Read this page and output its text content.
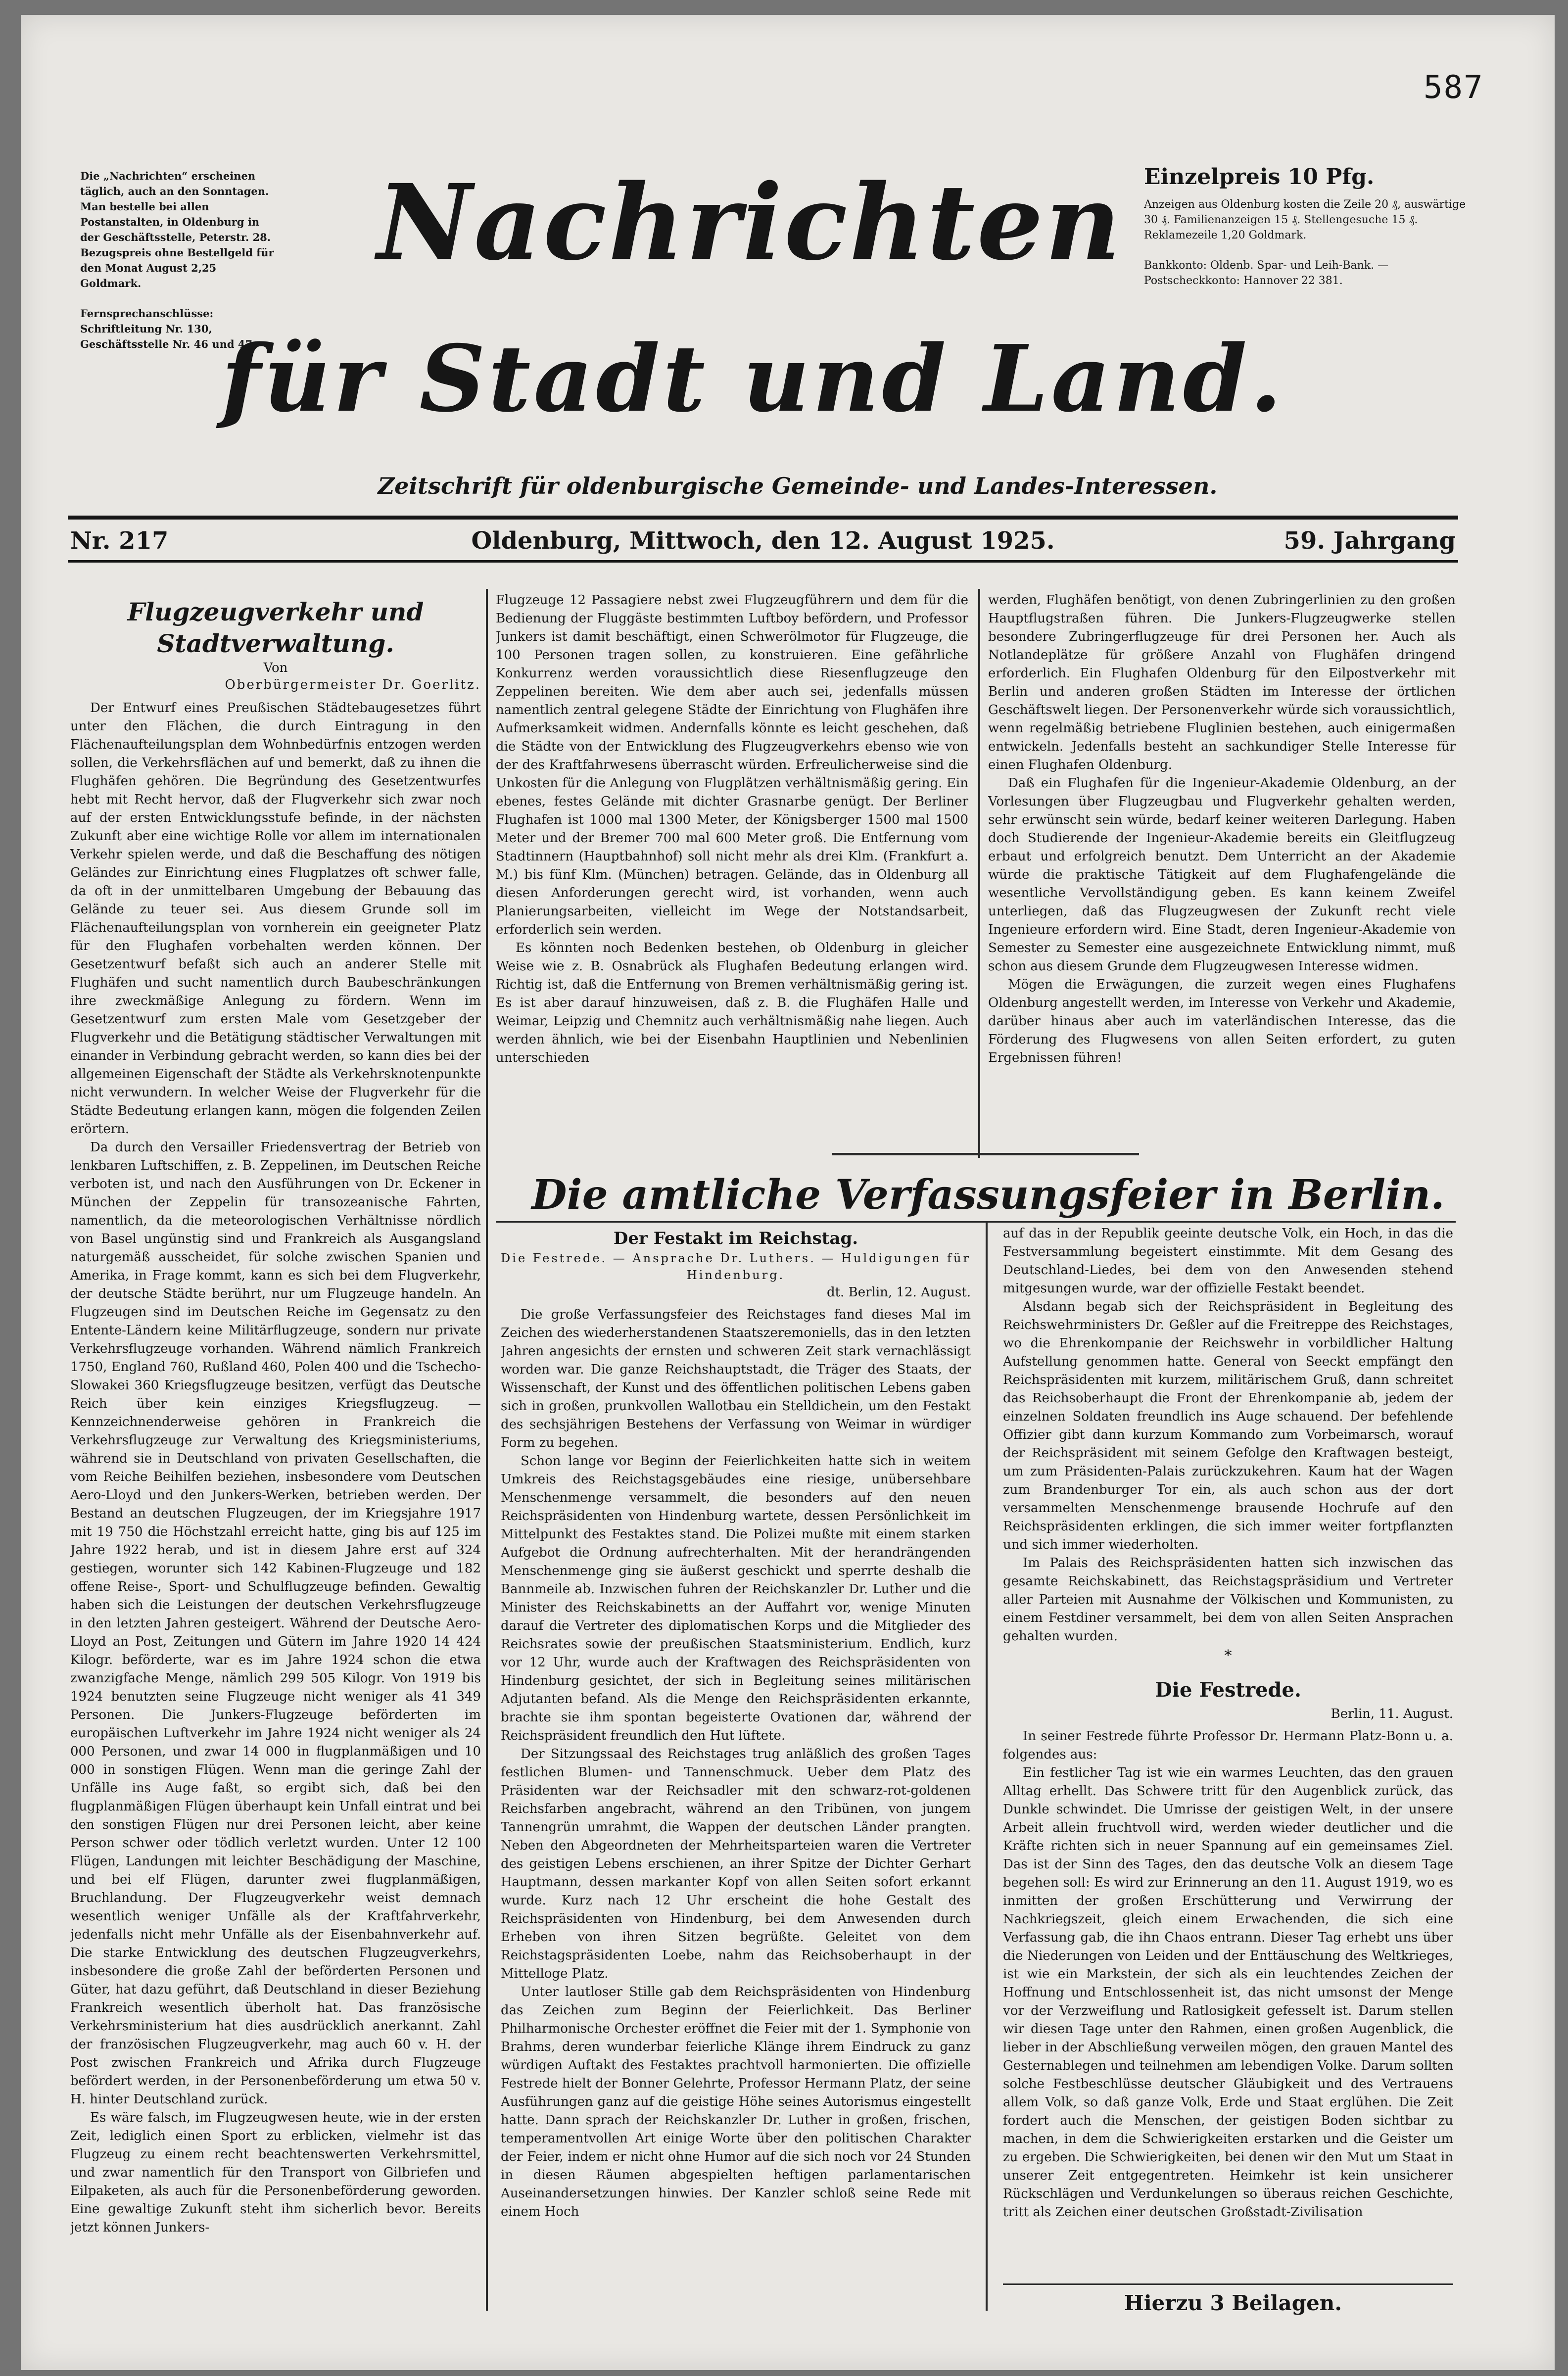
587
Die „Nachrichten“ erscheinen täglich, auch an den Sonntagen. Man bestelle bei allen Postanstalten, in Oldenburg in der Geschäftsstelle, Peterstr. 28. Bezugspreis ohne Bestellgeld für den Monat August 2,25 Goldmark.
Fernsprechanschlüsse: Schriftleitung Nr. 130, Geschäftsstelle Nr. 46 und 47.
Nachrichten
für Stadt und Land.
Zeitschrift für oldenburgische Gemeinde- und Landes-Interessen.
Einzelpreis 10 Pfg.
Anzeigen aus Oldenburg kosten die Zeile 20 ₰, auswärtige 30 ₰. Familienanzeigen 15 ₰. Stellengesuche 15 ₰. Reklamezeile 1,20 Goldmark.
Bankkonto: Oldenb. Spar- und Leih-Bank. — Postscheckkonto: Hannover 22 381.
Nr. 217	Oldenburg, Mittwoch, den 12. August 1925.	59. Jahrgang
Flugzeugverkehr und Stadtverwaltung.
Von
Oberbürgermeister Dr. Goerlitz.

Der Entwurf eines Preußischen Städtebaugesetzes führt unter den Flächen, die durch Eintragung in den Flächenaufteilungsplan dem Wohnbedürfnis entzogen werden sollen, die Verkehrsflächen auf und bemerkt, daß zu ihnen die Flughäfen gehören. Die Begründung des Gesetzentwurfes hebt mit Recht hervor, daß der Flugverkehr sich zwar noch auf der ersten Entwicklungsstufe befinde, in der nächsten Zukunft aber eine wichtige Rolle vor allem im internationalen Verkehr spielen werde, und daß die Beschaffung des nötigen Geländes zur Einrichtung eines Flugplatzes oft schwer falle, da oft in der unmittelbaren Umgebung der Bebauung das Gelände zu teuer sei. Aus diesem Grunde soll im Flächenaufteilungsplan von vornherein ein geeigneter Platz für den Flughafen vorbehalten werden können. Der Gesetzentwurf befaßt sich auch an anderer Stelle mit Flughäfen und sucht namentlich durch Baubeschränkungen ihre zweckmäßige Anlegung zu fördern. Wenn im Gesetzentwurf zum ersten Male vom Gesetzgeber der Flugverkehr und die Betätigung städtischer Verwaltungen mit einander in Verbindung gebracht werden, so kann dies bei der allgemeinen Eigenschaft der Städte als Verkehrsknotenpunkte nicht verwundern. In welcher Weise der Flugverkehr für die Städte Bedeutung erlangen kann, mögen die folgenden Zeilen erörtern.

Da durch den Versailler Friedensvertrag der Betrieb von lenkbaren Luftschiffen, z. B. Zeppelinen, im Deutschen Reiche verboten ist, und nach den Ausführungen von Dr. Eckener in München der Zeppelin für transozeanische Fahrten, namentlich, da die meteorologischen Verhältnisse nördlich von Basel ungünstig sind und Frankreich als Ausgangsland naturgemäß ausscheidet, für solche zwischen Spanien und Amerika, in Frage kommt, kann es sich bei dem Flugverkehr, der deutsche Städte berührt, nur um Flugzeuge handeln. An Flugzeugen sind im Deutschen Reiche im Gegensatz zu den Entente-Ländern keine Militärflugzeuge, sondern nur private Verkehrsflugzeuge vorhanden. Während nämlich Frankreich 1750, England 760, Rußland 460, Polen 400 und die Tschecho-Slowakei 360 Kriegsflugzeuge besitzen, verfügt das Deutsche Reich über kein einziges Kriegsflugzeug. — Kennzeichnenderweise gehören in Frankreich die Verkehrsflugzeuge zur Verwaltung des Kriegsministeriums, während sie in Deutschland von privaten Gesellschaften, die vom Reiche Beihilfen beziehen, insbesondere vom Deutschen Aero-Lloyd und den Junkers-Werken, betrieben werden. Der Bestand an deutschen Flugzeugen, der im Kriegsjahre 1917 mit 19 750 die Höchstzahl erreicht hatte, ging bis auf 125 im Jahre 1922 herab, und ist in diesem Jahre erst auf 324 gestiegen, worunter sich 142 Kabinen-Flugzeuge und 182 offene Reise-, Sport- und Schulflugzeuge befinden. Gewaltig haben sich die Leistungen der deutschen Verkehrsflugzeuge in den letzten Jahren gesteigert. Während der Deutsche Aero-Lloyd an Post, Zeitungen und Gütern im Jahre 1920 14 424 Kilogr. beförderte, war es im Jahre 1924 schon die etwa zwanzigfache Menge, nämlich 299 505 Kilogr. Von 1919 bis 1924 benutzten seine Flugzeuge nicht weniger als 41 349 Personen. Die Junkers-Flugzeuge beförderten im europäischen Luftverkehr im Jahre 1924 nicht weniger als 24 000 Personen, und zwar 14 000 in flugplanmäßigen und 10 000 in sonstigen Flügen. Wenn man die geringe Zahl der Unfälle ins Auge faßt, so ergibt sich, daß bei den flugplanmäßigen Flügen überhaupt kein Unfall eintrat und bei den sonstigen Flügen nur drei Personen leicht, aber keine Person schwer oder tödlich verletzt wurden. Unter 12 100 Flügen, Landungen mit leichter Beschädigung der Maschine, und bei elf Flügen, darunter zwei flugplanmäßigen, Bruchlandung. Der Flugzeugverkehr weist demnach wesentlich weniger Unfälle als der Kraftfahrverkehr, jedenfalls nicht mehr Unfälle als der Eisenbahnverkehr auf. Die starke Entwicklung des deutschen Flugzeugverkehrs, insbesondere die große Zahl der beförderten Personen und Güter, hat dazu geführt, daß Deutschland in dieser Beziehung Frankreich wesentlich überholt hat. Das französische Verkehrsministerium hat dies ausdrücklich anerkannt. Zahl der französischen Flugzeugverkehr, mag auch 60 v. H. der Post zwischen Frankreich und Afrika durch Flugzeuge befördert werden, in der Personenbeförderung um etwa 50 v. H. hinter Deutschland zurück.

Es wäre falsch, im Flugzeugwesen heute, wie in der ersten Zeit, lediglich einen Sport zu erblicken, vielmehr ist das Flugzeug zu einem recht beachtenswerten Verkehrsmittel, und zwar namentlich für den Transport von Gilbriefen und Eilpaketen, als auch für die Personenbeförderung geworden. Eine gewaltige Zukunft steht ihm sicherlich bevor. Bereits jetzt können Junkers-

Flugzeuge 12 Passagiere nebst zwei Flugzeugführern und dem für die Bedienung der Fluggäste bestimmten Luftboy befördern, und Professor Junkers ist damit beschäftigt, einen Schwerölmotor für Flugzeuge, die 100 Personen tragen sollen, zu konstruieren. Eine gefährliche Konkurrenz werden voraussichtlich diese Riesenflugzeuge den Zeppelinen bereiten. Wie dem aber auch sei, jedenfalls müssen namentlich zentral gelegene Städte der Einrichtung von Flughäfen ihre Aufmerksamkeit widmen. Andernfalls könnte es leicht geschehen, daß die Städte von der Entwicklung des Flugzeugverkehrs ebenso wie von der des Kraftfahrwesens überrascht würden. Erfreulicherweise sind die Unkosten für die Anlegung von Flugplätzen verhältnismäßig gering. Ein ebenes, festes Gelände mit dichter Grasnarbe genügt. Der Berliner Flughafen ist 1000 mal 1300 Meter, der Königsberger 1500 mal 1500 Meter und der Bremer 700 mal 600 Meter groß. Die Entfernung vom Stadtinnern (Hauptbahnhof) soll nicht mehr als drei Klm. (Frankfurt a. M.) bis fünf Klm. (München) betragen. Gelände, das in Oldenburg all diesen Anforderungen gerecht wird, ist vorhanden, wenn auch Planierungsarbeiten, vielleicht im Wege der Notstandsarbeit, erforderlich sein werden.

Es könnten noch Bedenken bestehen, ob Oldenburg in gleicher Weise wie z. B. Osnabrück als Flughafen Bedeutung erlangen wird. Richtig ist, daß die Entfernung von Bremen verhältnismäßig gering ist. Es ist aber darauf hinzuweisen, daß z. B. die Flughäfen Halle und Weimar, Leipzig und Chemnitz auch verhältnismäßig nahe liegen. Auch werden ähnlich, wie bei der Eisenbahn Hauptlinien und Nebenlinien unterschieden

werden, Flughäfen benötigt, von denen Zubringerlinien zu den großen Hauptflugstraßen führen. Die Junkers-Flugzeugwerke stellen besondere Zubringerflugzeuge für drei Personen her. Auch als Notlandeplätze für größere Anzahl von Flughäfen dringend erforderlich. Ein Flughafen Oldenburg für den Eilpostverkehr mit Berlin und anderen großen Städten im Interesse der örtlichen Geschäftswelt liegen. Der Personenverkehr würde sich voraussichtlich, wenn regelmäßig betriebene Fluglinien bestehen, auch einigermaßen entwickeln. Jedenfalls besteht an sachkundiger Stelle Interesse für einen Flughafen Oldenburg.

Daß ein Flughafen für die Ingenieur-Akademie Oldenburg, an der Vorlesungen über Flugzeugbau und Flugverkehr gehalten werden, sehr erwünscht sein würde, bedarf keiner weiteren Darlegung. Haben doch Studierende der Ingenieur-Akademie bereits ein Gleitflugzeug erbaut und erfolgreich benutzt. Dem Unterricht an der Akademie würde die praktische Tätigkeit auf dem Flughafengelände die wesentliche Vervollständigung geben. Es kann keinem Zweifel unterliegen, daß das Flugzeugwesen der Zukunft recht viele Ingenieure erfordern wird. Eine Stadt, deren Ingenieur-Akademie von Semester zu Semester eine ausgezeichnete Entwicklung nimmt, muß schon aus diesem Grunde dem Flugzeugwesen Interesse widmen.

Mögen die Erwägungen, die zurzeit wegen eines Flughafens Oldenburg angestellt werden, im Interesse von Verkehr und Akademie, darüber hinaus aber auch im vaterländischen Interesse, das die Förderung des Flugwesens von allen Seiten erfordert, zu guten Ergebnissen führen!

Die amtliche Verfassungsfeier in Berlin.
Der Festakt im Reichstag.
Die Festrede. — Ansprache Dr. Luthers. — Huldigungen für Hindenburg.
dt. Berlin, 12. August.

Die große Verfassungsfeier des Reichstages fand dieses Mal im Zeichen des wiederherstandenen Staatszeremoniells, das in den letzten Jahren angesichts der ernsten und schweren Zeit stark vernachlässigt worden war. Die ganze Reichshauptstadt, die Träger des Staats, der Wissenschaft, der Kunst und des öffentlichen politischen Lebens gaben sich in großen, prunkvollen Wallotbau ein Stelldichein, um den Festakt des sechsjährigen Bestehens der Verfassung von Weimar in würdiger Form zu begehen.

Schon lange vor Beginn der Feierlichkeiten hatte sich in weitem Umkreis des Reichstagsgebäudes eine riesige, unübersehbare Menschenmenge versammelt, die besonders auf den neuen Reichspräsidenten von Hindenburg wartete, dessen Persönlichkeit im Mittelpunkt des Festaktes stand. Die Polizei mußte mit einem starken Aufgebot die Ordnung aufrechterhalten. Mit der herandrängenden Menschenmenge ging sie äußerst geschickt und sperrte deshalb die Bannmeile ab. Inzwischen fuhren der Reichskanzler Dr. Luther und die Minister des Reichskabinetts an der Auffahrt vor, wenige Minuten darauf die Vertreter des diplomatischen Korps und die Mitglieder des Reichsrates sowie der preußischen Staatsministerium. Endlich, kurz vor 12 Uhr, wurde auch der Kraftwagen des Reichspräsidenten von Hindenburg gesichtet, der sich in Begleitung seines militärischen Adjutanten befand. Als die Menge den Reichspräsidenten erkannte, brachte sie ihm spontan begeisterte Ovationen dar, während der Reichspräsident freundlich den Hut lüftete.

Der Sitzungssaal des Reichstages trug anläßlich des großen Tages festlichen Blumen- und Tannenschmuck. Ueber dem Platz des Präsidenten war der Reichsadler mit den schwarz-rot-goldenen Reichsfarben angebracht, während an den Tribünen, von jungem Tannengrün umrahmt, die Wappen der deutschen Länder prangten. Neben den Abgeordneten der Mehrheitsparteien waren die Vertreter des geistigen Lebens erschienen, an ihrer Spitze der Dichter Gerhart Hauptmann, dessen markanter Kopf von allen Seiten sofort erkannt wurde. Kurz nach 12 Uhr erscheint die hohe Gestalt des Reichspräsidenten von Hindenburg, bei dem Anwesenden durch Erheben von ihren Sitzen begrüßte. Geleitet von dem Reichstagspräsidenten Loebe, nahm das Reichsoberhaupt in der Mittelloge Platz.

Unter lautloser Stille gab dem Reichspräsidenten von Hindenburg das Zeichen zum Beginn der Feierlichkeit. Das Berliner Philharmonische Orchester eröffnet die Feier mit der 1. Symphonie von Brahms, deren wunderbar feierliche Klänge ihrem Eindruck zu ganz würdigen Auftakt des Festaktes prachtvoll harmonierten. Die offizielle Festrede hielt der Bonner Gelehrte, Professor Hermann Platz, der seine Ausführungen ganz auf die geistige Höhe seines Autorismus eingestellt hatte. Dann sprach der Reichskanzler Dr. Luther in großen, frischen, temperamentvollen Art einige Worte über den politischen Charakter der Feier, indem er nicht ohne Humor auf die sich noch vor 24 Stunden in diesen Räumen abgespielten heftigen parlamentarischen Auseinandersetzungen hinwies. Der Kanzler schloß seine Rede mit einem Hoch

auf das in der Republik geeinte deutsche Volk, ein Hoch, in das die Festversammlung begeistert einstimmte. Mit dem Gesang des Deutschland-Liedes, bei dem von den Anwesenden stehend mitgesungen wurde, war der offizielle Festakt beendet.

Alsdann begab sich der Reichspräsident in Begleitung des Reichswehrministers Dr. Geßler auf die Freitreppe des Reichstages, wo die Ehrenkompanie der Reichswehr in vorbildlicher Haltung Aufstellung genommen hatte. General von Seeckt empfängt den Reichspräsidenten mit kurzem, militärischem Gruß, dann schreitet das Reichsoberhaupt die Front der Ehrenkompanie ab, jedem der einzelnen Soldaten freundlich ins Auge schauend. Der befehlende Offizier gibt dann kurzum Kommando zum Vorbeimarsch, worauf der Reichspräsident mit seinem Gefolge den Kraftwagen besteigt, um zum Präsidenten-Palais zurückzukehren. Kaum hat der Wagen zum Brandenburger Tor ein, als auch schon aus der dort versammelten Menschenmenge brausende Hochrufe auf den Reichspräsidenten erklingen, die sich immer weiter fortpflanzten und sich immer wiederholten.

Im Palais des Reichspräsidenten hatten sich inzwischen das gesamte Reichskabinett, das Reichstagspräsidium und Vertreter aller Parteien mit Ausnahme der Völkischen und Kommunisten, zu einem Festdiner versammelt, bei dem von allen Seiten Ansprachen gehalten wurden.

*
Die Festrede.
Berlin, 11. August.

In seiner Festrede führte Professor Dr. Hermann Platz-Bonn u. a. folgendes aus:

Ein festlicher Tag ist wie ein warmes Leuchten, das den grauen Alltag erhellt. Das Schwere tritt für den Augenblick zurück, das Dunkle schwindet. Die Umrisse der geistigen Welt, in der unsere Arbeit allein fruchtvoll wird, werden wieder deutlicher und die Kräfte richten sich in neuer Spannung auf ein gemeinsames Ziel. Das ist der Sinn des Tages, den das deutsche Volk an diesem Tage begehen soll: Es wird zur Erinnerung an den 11. August 1919, wo es inmitten der großen Erschütterung und Verwirrung der Nachkriegszeit, gleich einem Erwachenden, die sich eine Verfassung gab, die ihn Chaos entrann. Dieser Tag erhebt uns über die Niederungen von Leiden und der Enttäuschung des Weltkrieges, ist wie ein Markstein, der sich als ein leuchtendes Zeichen der Hoffnung und Entschlossenheit ist, das nicht umsonst der Menge vor der Verzweiflung und Ratlosigkeit gefesselt ist. Darum stellen wir diesen Tage unter den Rahmen, einen großen Augenblick, die lieber in der Abschließung verweilen mögen, den grauen Mantel des Gesternablegen und teilnehmen am lebendigen Volke. Darum sollten solche Festbeschlüsse deutscher Gläubigkeit und des Vertrauens allem Volk, so daß ganze Volk, Erde und Staat erglühen. Die Zeit fordert auch die Menschen, der geistigen Boden sichtbar zu machen, in dem die Schwierigkeiten erstarken und die Geister um zu ergeben. Die Schwierigkeiten, bei denen wir den Mut um Staat in unserer Zeit entgegentreten. Heimkehr ist kein unsicherer Rückschlägen und Verdunkelungen so überaus reichen Geschichte, tritt als Zeichen einer deutschen Großstadt-Zivilisation

Hierzu 3 Beilagen.
